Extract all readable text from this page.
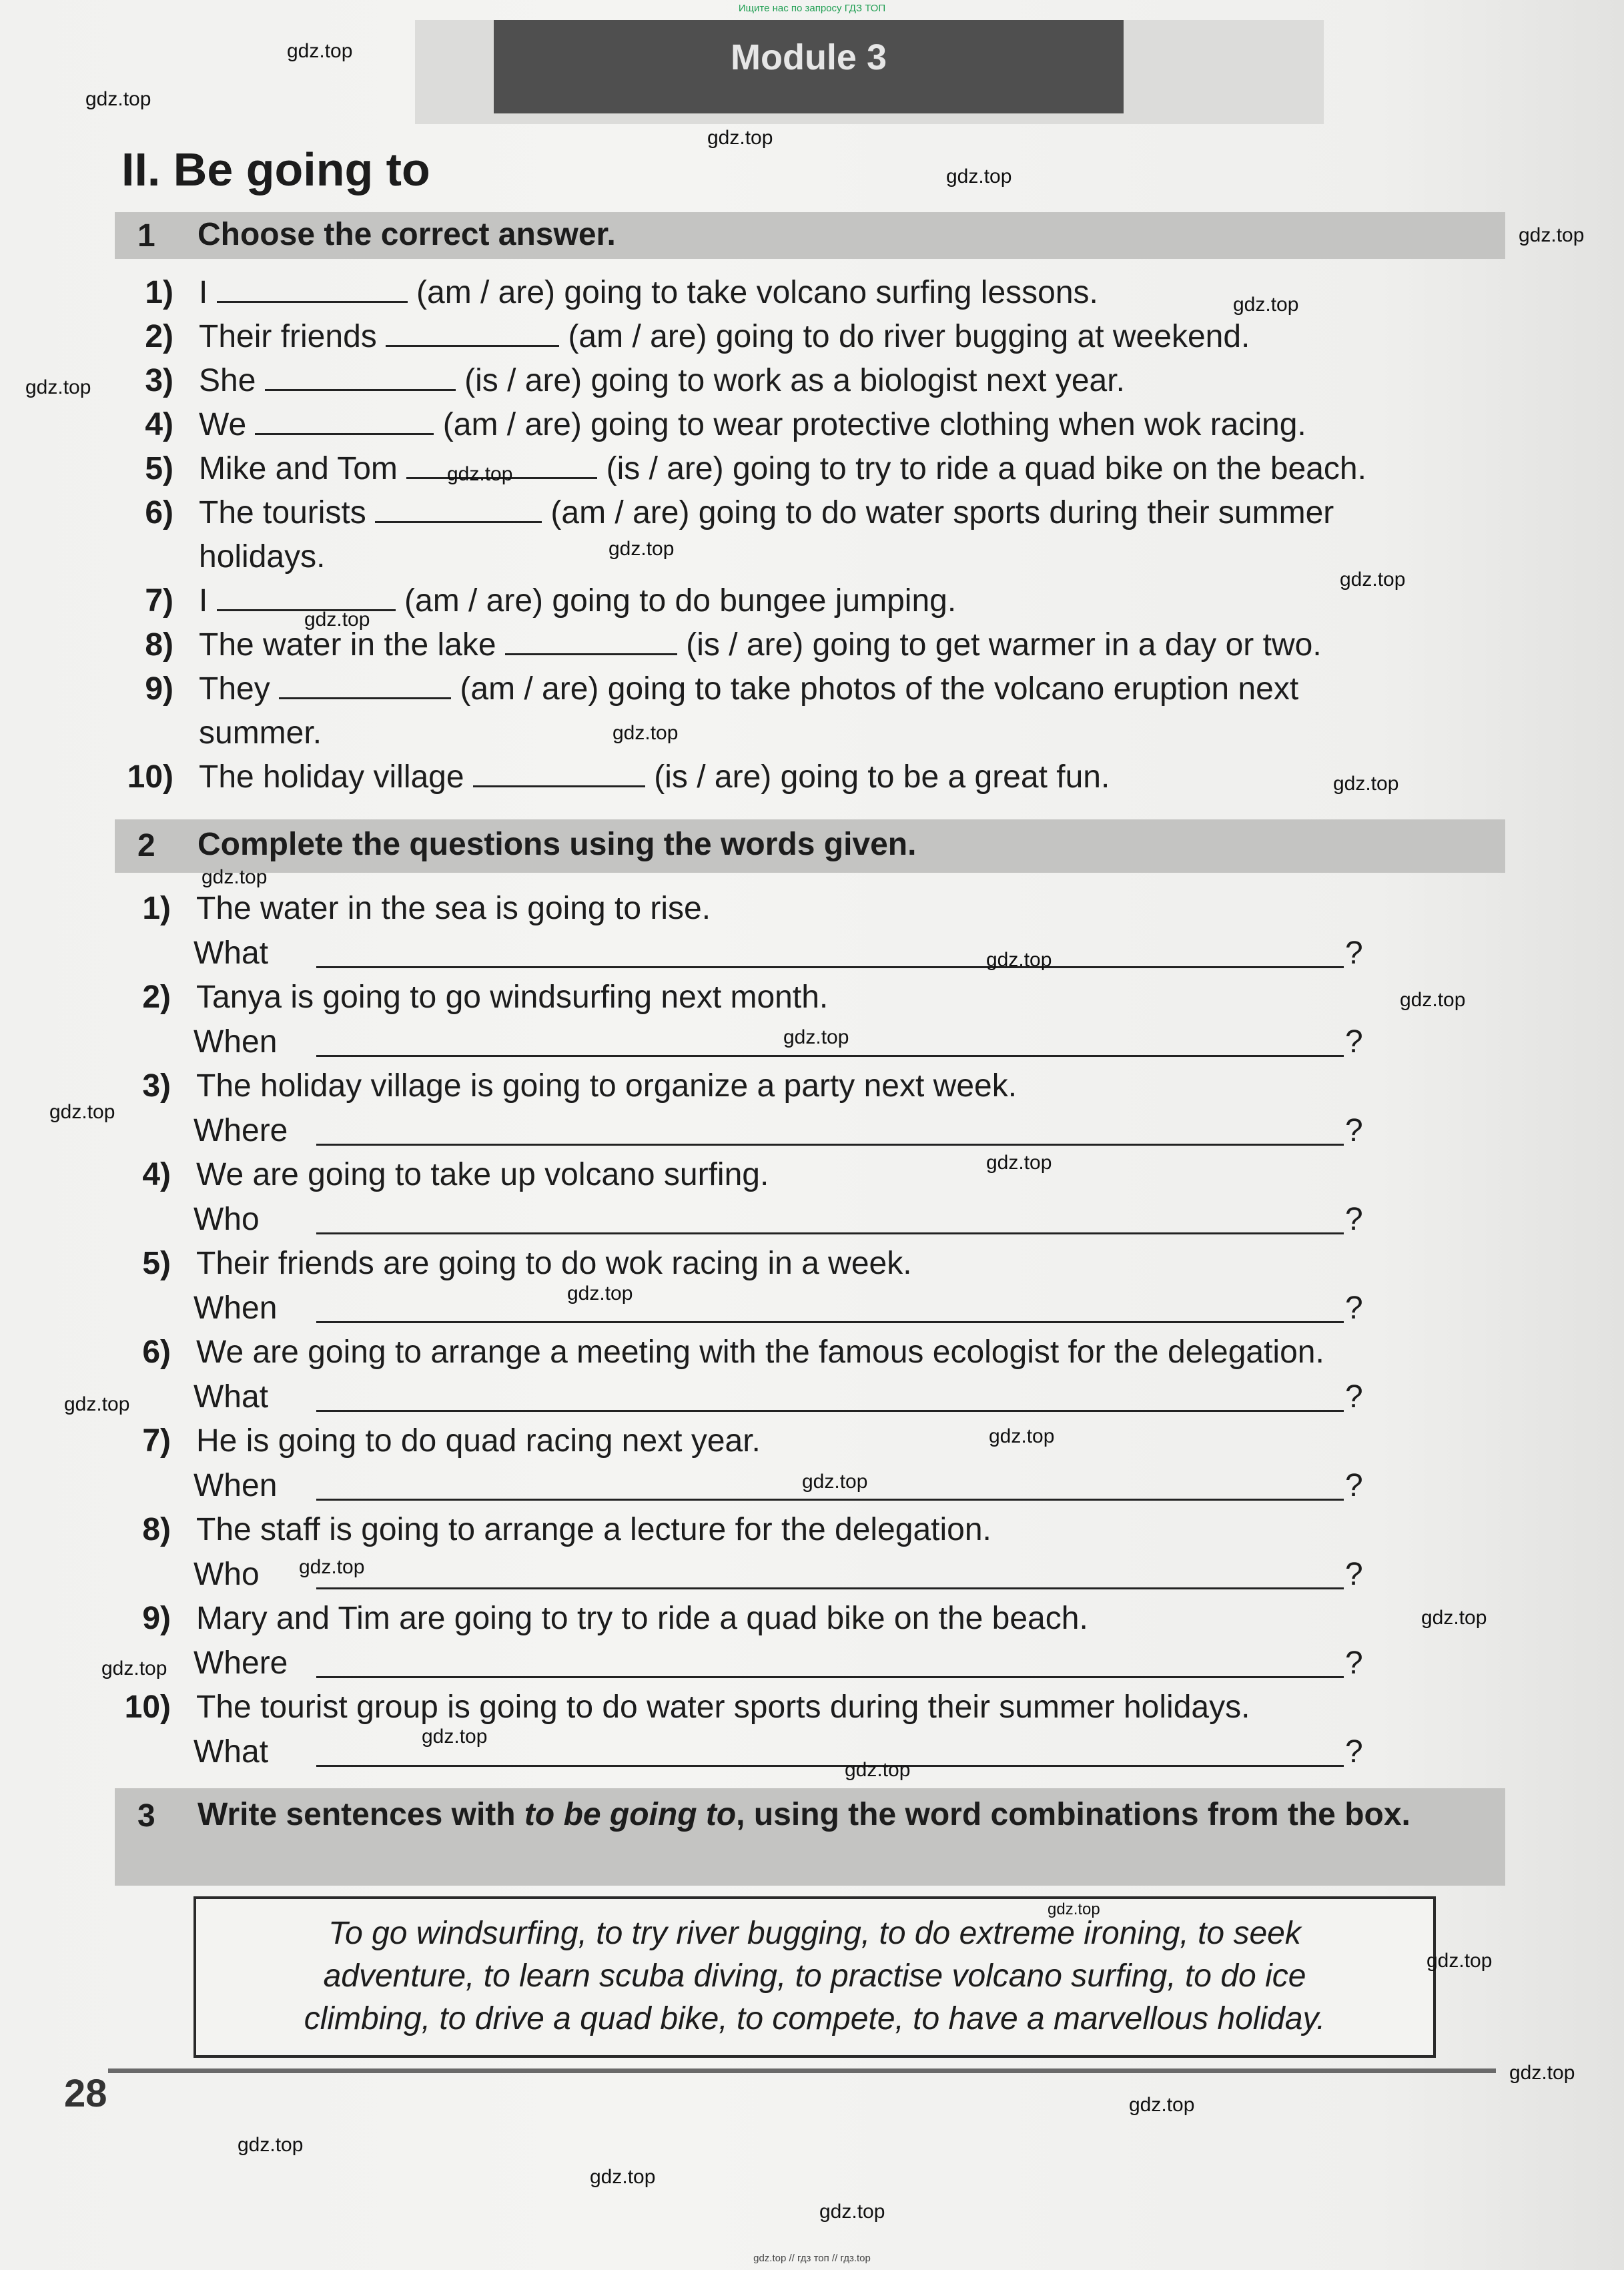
Ищите нас по запросу ГДЗ ТОП
Module 3
II. Be going to
1 Choose the correct answer.
1) I	(am / are) going to take volcano surfing lessons.
2) Their friends	(am / are) going to do river bugging at weekend.
3) She	(is / are) going to work as a biologist next year.
4) We	(am / are) going to wear protective clothing when wok racing.
5) Mike and Tom	(is / are) going to try to ride a quad bike on the beach.
6) The tourists	(am / are) going to do water sports during their summer
holidays.
7) I	(am / are) going to do bungee jumping.
8) The water in the lake	(is / are) going to get warmer in a day or two.
9) They	(am / are) going to take photos of the volcano eruption next
summer.
10) The holiday village	(is / are) going to be a great fun.
2 Complete the questions using the words given.
1) The water in the sea is going to rise.
What	?
2) Tanya is going to go windsurfing next month.
When	?
3) The holiday village is going to organize a party next week.
Where	?
4) We are going to take up volcano surfing.
Who	?
5) Their friends are going to do wok racing in a week.
When	?
6) We are going to arrange a meeting with the famous ecologist for the delegation.
What	?
7) He is going to do quad racing next year.
When	?
8) The staff is going to arrange a lecture for the delegation.
Who	?
9) Mary and Tim are going to try to ride a quad bike on the beach.
Where	?
10) The tourist group is going to do water sports during their summer holidays.
What	?
3 Write sentences with to be going to, using the word combinations from the box.
To go windsurfing, to try river bugging, to do extreme ironing, to seek
adventure, to learn scuba diving, to practise volcano surfing, to do ice
climbing, to drive a quad bike, to compete, to have a marvellous holiday.
28
gdz.top
gdz.top
gdz.top
gdz.top
gdz.top
gdz.top
gdz.top
gdz.top
gdz.top
gdz.top
gdz.top
gdz.top
gdz.top
gdz.top
gdz.top
gdz.top
gdz.top
gdz.top
gdz.top
gdz.top
gdz.top
gdz.top
gdz.top
gdz.top
gdz.top
gdz.top
gdz.top
gdz.top
gdz.top
gdz.top
gdz.top
gdz.top
gdz.top
gdz.top
gdz.top
gdz.top // гдз топ // гдз.top
